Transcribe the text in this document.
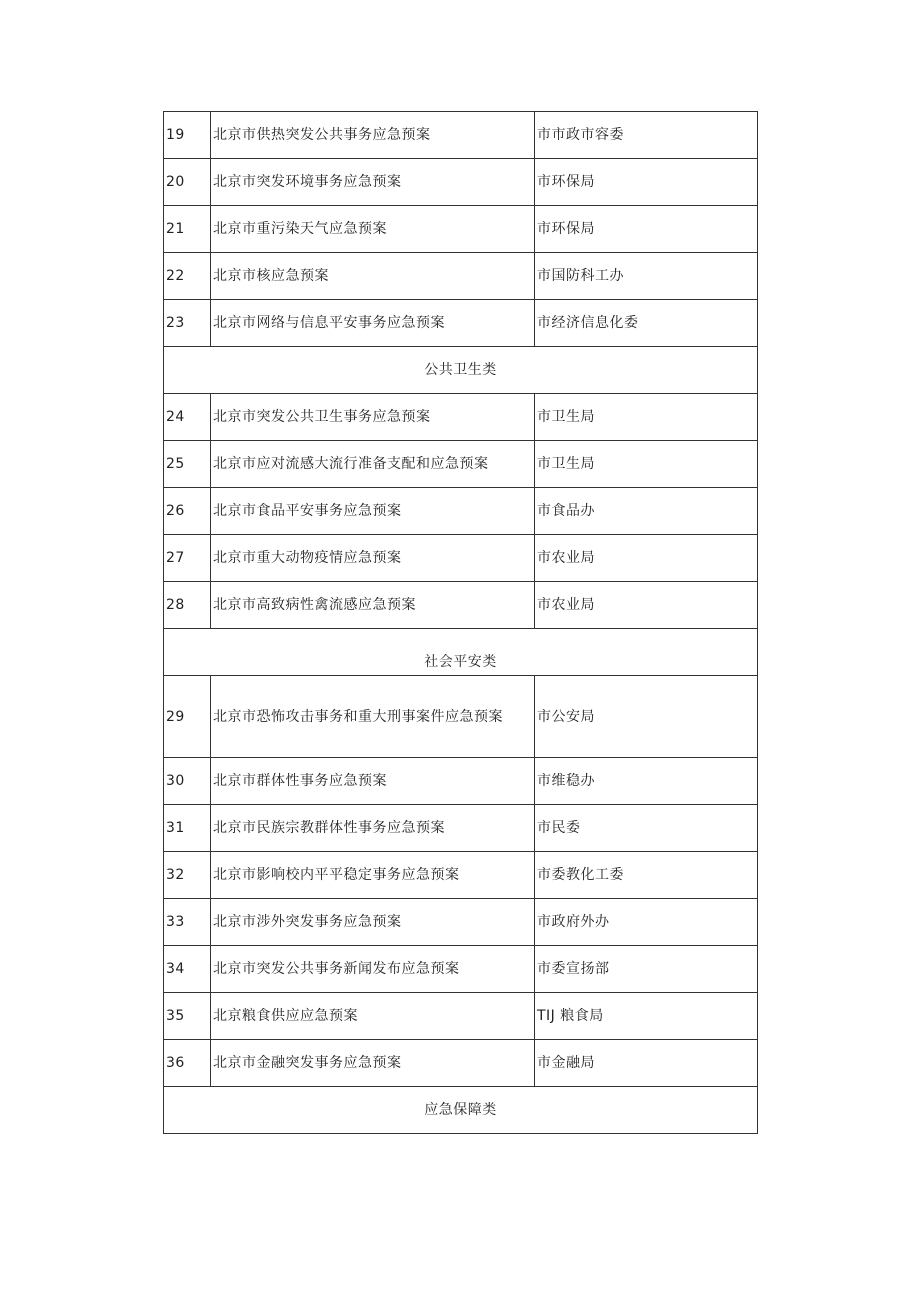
19	北京市供热突发公共事务应急预案	市市政市容委
20	北京市突发环境事务应急预案	市环保局
21	北京市重污染天气应急预案	市环保局
22	北京市核应急预案	市国防科工办
23	北京市网络与信息平安事务应急预案	市经济信息化委
公共卫生类		
24	北京市突发公共卫生事务应急预案	市卫生局
25	北京市应对流感大流行准备支配和应急预案	市卫生局
26	北京市食品平安事务应急预案	市食品办
27	北京市重大动物疫情应急预案	市农业局
28	北京市高致病性禽流感应急预案	市农业局
社会平安类		
29	北京市恐怖攻击事务和重大刑事案件应急预案	市公安局
30	北京市群体性事务应急预案	市维稳办
31	北京市民族宗教群体性事务应急预案	市民委
32	北京市影响校内平平稳定事务应急预案	市委教化工委
33	北京市涉外突发事务应急预案	市政府外办
34	北京市突发公共事务新闻发布应急预案	市委宣扬部
35	北京粮食供应应急预案	TIJ 粮食局
36	北京市金融突发事务应急预案	市金融局
应急保障类		
